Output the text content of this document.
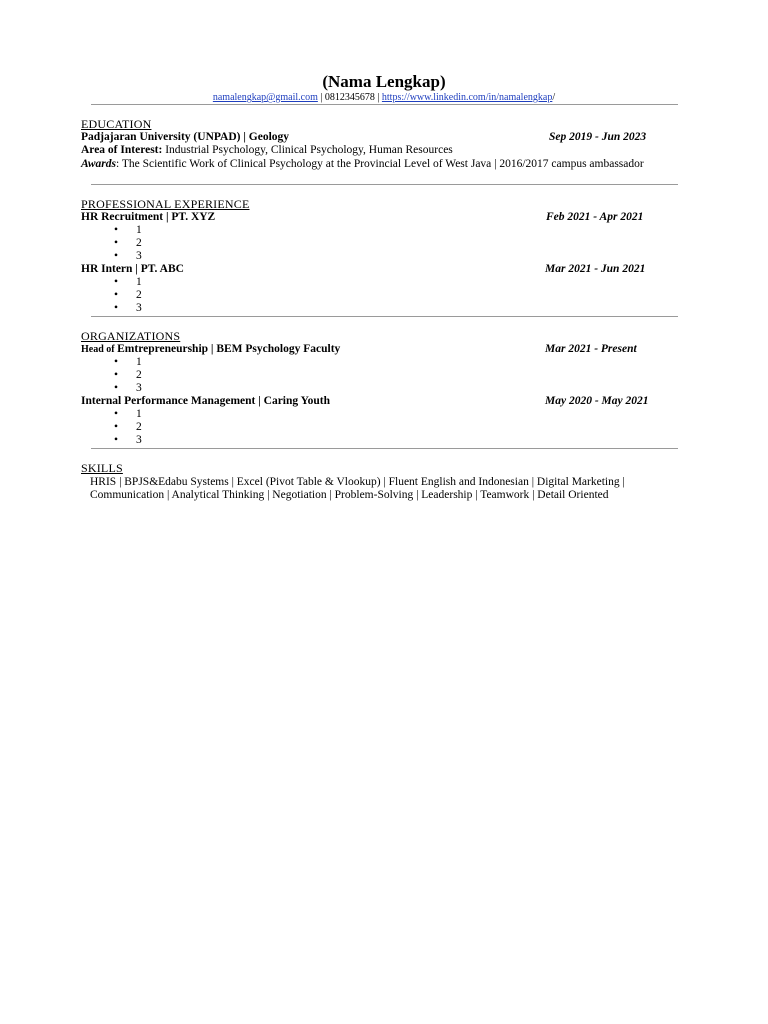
(Nama Lengkap)
namalengkap@gmail.com | 0812345678 | https://www.linkedin.com/in/namalengkap/
EDUCATION
Padjajaran University (UNPAD) | Geology	Sep 2019 - Jun 2023
Area of Interest: Industrial Psychology, Clinical Psychology, Human Resources
Awards: The Scientific Work of Clinical Psychology at the Provincial Level of West Java | 2016/2017 campus ambassador
PROFESSIONAL EXPERIENCE
HR Recruitment | PT. XYZ	Feb 2021 - Apr 2021
• 1
• 2
• 3
HR Intern | PT. ABC	Mar 2021 - Jun 2021
• 1
• 2
• 3
ORGANIZATIONS
Head of Emtrepreneurship | BEM Psychology Faculty	Mar 2021 - Present
• 1
• 2
• 3
Internal Performance Management | Caring Youth	May 2020 - May 2021
• 1
• 2
• 3
SKILLS
HRIS | BPJS&Edabu Systems | Excel (Pivot Table & Vlookup) | Fluent English and Indonesian | Digital Marketing | Communication | Analytical Thinking | Negotiation | Problem-Solving | Leadership | Teamwork | Detail Oriented
